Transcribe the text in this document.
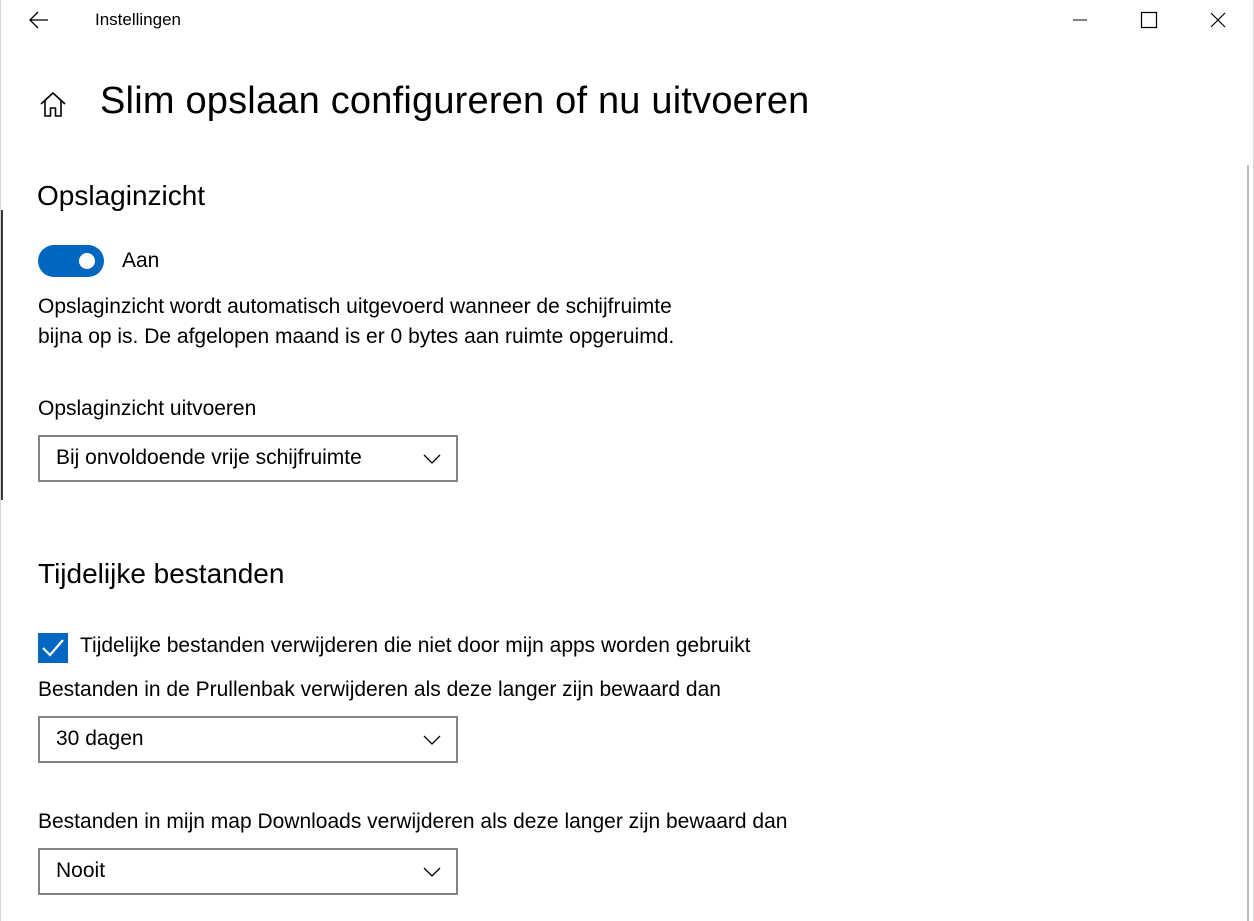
Instellingen
Slim opslaan configureren of nu uitvoeren
Opslaginzicht
Aan
Opslaginzicht wordt automatisch uitgevoerd wanneer de schijfruimte bijna op is. De afgelopen maand is er 0 bytes aan ruimte opgeruimd.
Opslaginzicht uitvoeren
Bij onvoldoende vrije schijfruimte
Tijdelijke bestanden
Tijdelijke bestanden verwijderen die niet door mijn apps worden gebruikt
Bestanden in de Prullenbak verwijderen als deze langer zijn bewaard dan
30 dagen
Bestanden in mijn map Downloads verwijderen als deze langer zijn bewaard dan
Nooit
